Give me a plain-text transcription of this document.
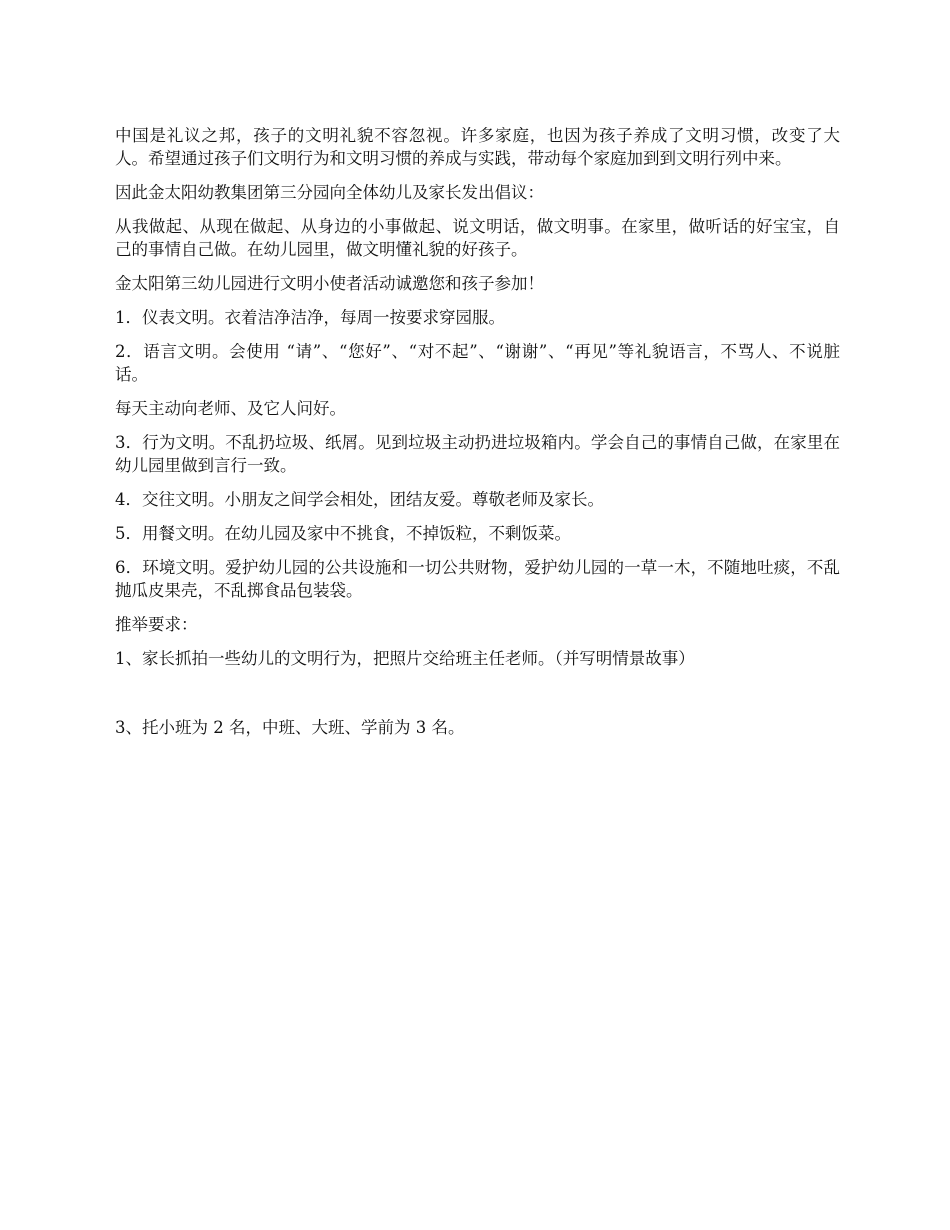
中国是礼议之邦，孩子的文明礼貌不容忽视。许多家庭，也因为孩子养成了文明习惯，改变了大人。希望通过孩子们文明行为和文明习惯的养成与实践，带动每个家庭加到到文明行列中来。

因此金太阳幼教集团第三分园向全体幼儿及家长发出倡议：

从我做起、从现在做起、从身边的小事做起、说文明话，做文明事。在家里，做听话的好宝宝，自己的事情自己做。在幼儿园里，做文明懂礼貌的好孩子。

金太阳第三幼儿园进行文明小使者活动诚邀您和孩子参加！

1．仪表文明。衣着洁净洁净，每周一按要求穿园服。

2．语言文明。会使用 “请”、“您好”、“对不起”、“谢谢”、“再见”等礼貌语言，不骂人、不说脏话。

每天主动向老师、及它人问好。

3．行为文明。不乱扔垃圾、纸屑。见到垃圾主动扔进垃圾箱内。学会自己的事情自己做，在家里在幼儿园里做到言行一致。

4．交往文明。小朋友之间学会相处，团结友爱。尊敬老师及家长。

5．用餐文明。在幼儿园及家中不挑食，不掉饭粒，不剩饭菜。

6．环境文明。爱护幼儿园的公共设施和一切公共财物，爱护幼儿园的一草一木，不随地吐痰，不乱抛瓜皮果壳，不乱掷食品包装袋。

推举要求：

1、家长抓拍一些幼儿的文明行为，把照片交给班主任老师。（并写明情景故事）

3、托小班为 2 名，中班、大班、学前为 3 名。
